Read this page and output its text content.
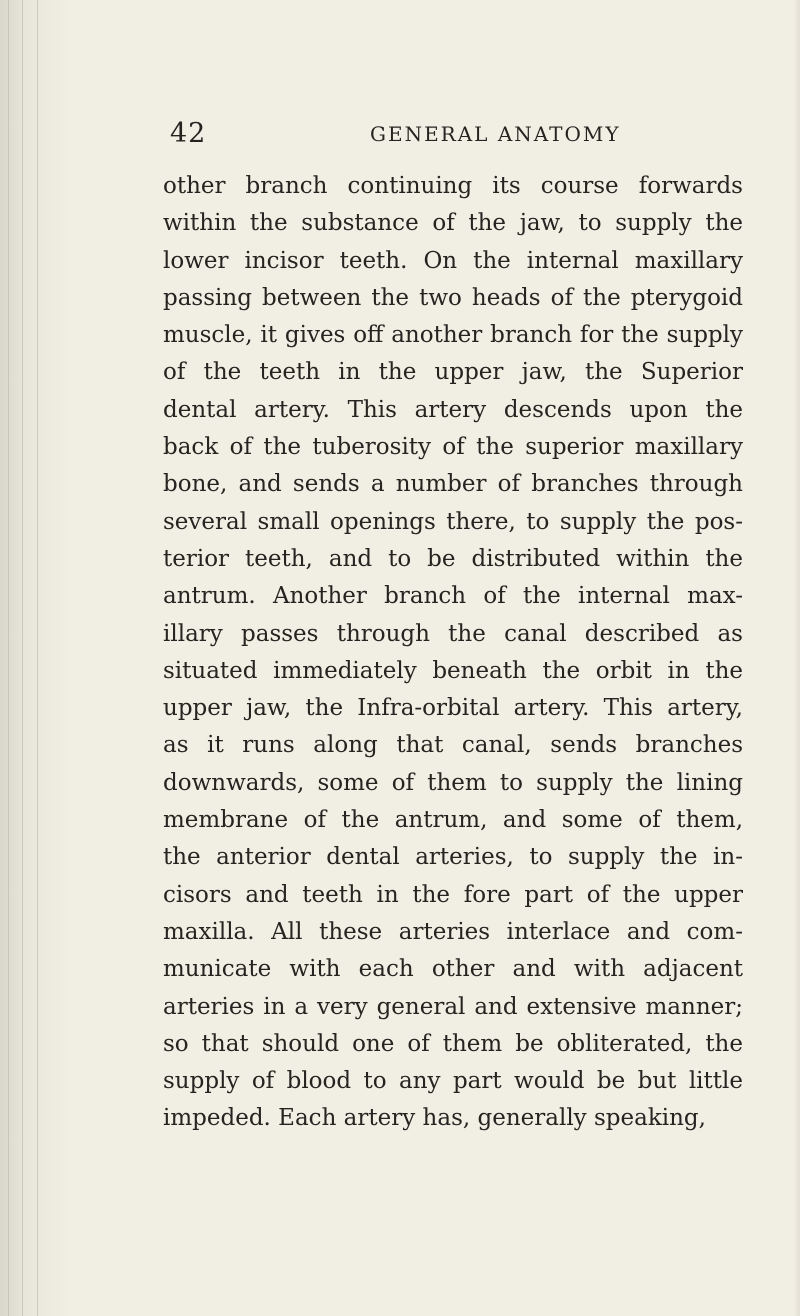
42	GENERAL ANATOMY
other branch continuing its course forwards
within the substance of the jaw, to supply the
lower incisor teeth. On the internal maxillary
passing between the two heads of the pterygoid
muscle, it gives off another branch for the supply
of the teeth in the upper jaw, the Superior
dental artery. This artery descends upon the
back of the tuberosity of the superior maxillary
bone, and sends a number of branches through
several small openings there, to supply the pos-
terior teeth, and to be distributed within the
antrum. Another branch of the internal max-
illary passes through the canal described as
situated immediately beneath the orbit in the
upper jaw, the Infra-orbital artery. This artery,
as it runs along that canal, sends branches
downwards, some of them to supply the lining
membrane of the antrum, and some of them,
the anterior dental arteries, to supply the in-
cisors and teeth in the fore part of the upper
maxilla. All these arteries interlace and com-
municate with each other and with adjacent
arteries in a very general and extensive manner;
so that should one of them be obliterated, the
supply of blood to any part would be but little
impeded. Each artery has, generally speaking,
